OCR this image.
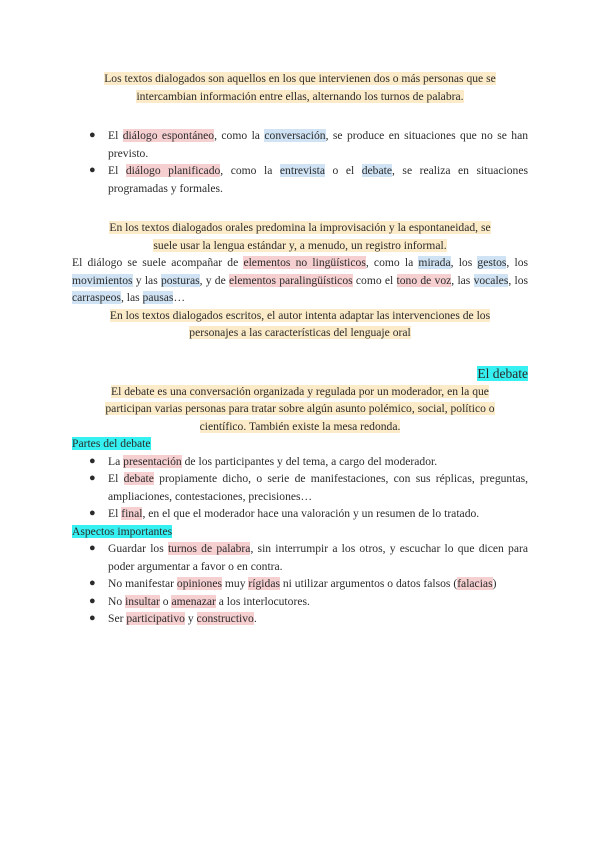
Los textos dialogados son aquellos en los que intervienen dos o más personas que se
intercambian información entre ellas, alternando los turnos de palabra.

● El diálogo espontáneo, como la conversación, se produce en situaciones que no se han previsto.
● El diálogo planificado, como la entrevista o el debate, se realiza en situaciones programadas y formales.

En los textos dialogados orales predomina la improvisación y la espontaneidad, se
suele usar la lengua estándar y, a menudo, un registro informal.

El diálogo se suele acompañar de elementos no lingüísticos, como la mirada, los gestos, los movimientos y las posturas, y de elementos paralingüísticos como el tono de voz, las vocales, los carraspeos, las pausas…

En los textos dialogados escritos, el autor intenta adaptar las intervenciones de los
personajes a las características del lenguaje oral

El debate

El debate es una conversación organizada y regulada por un moderador, en la que
participan varias personas para tratar sobre algún asunto polémico, social, político o
científico. También existe la mesa redonda.

Partes del debate

● La presentación de los participantes y del tema, a cargo del moderador.
● El debate propiamente dicho, o serie de manifestaciones, con sus réplicas, preguntas, ampliaciones, contestaciones, precisiones…
● El final, en el que el moderador hace una valoración y un resumen de lo tratado.

Aspectos importantes

● Guardar los turnos de palabra, sin interrumpir a los otros, y escuchar lo que dicen para poder argumentar a favor o en contra.
● No manifestar opiniones muy rígidas ni utilizar argumentos o datos falsos (falacias)
● No insultar o amenazar a los interlocutores.
● Ser participativo y constructivo.
